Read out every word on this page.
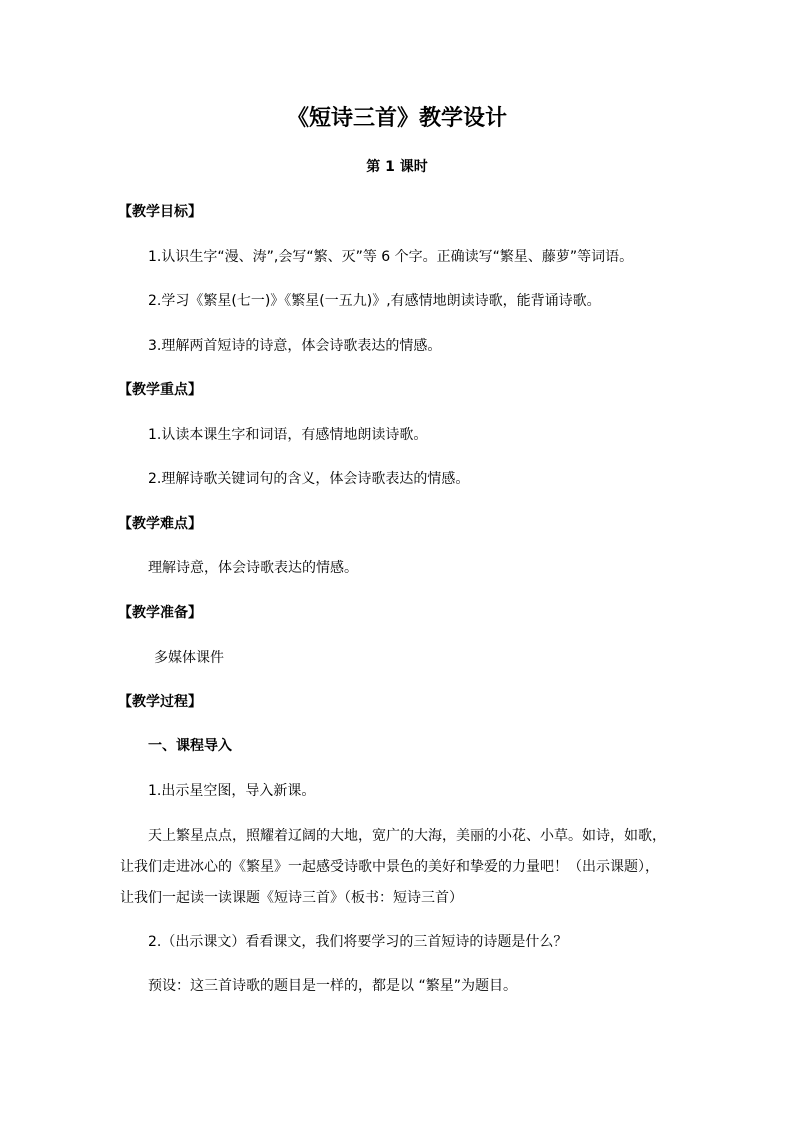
《短诗三首》教学设计
第 1 课时
【教学目标】
1.认识生字“漫、涛”,会写“繁、灭”等 6 个字。正确读写“繁星、藤萝”等词语。
2.学习《繁星(七一)》《繁星(一五九)》,有感情地朗读诗歌，能背诵诗歌。
3.理解两首短诗的诗意，体会诗歌表达的情感。
【教学重点】
1.认读本课生字和词语，有感情地朗读诗歌。
2.理解诗歌关键词句的含义，体会诗歌表达的情感。
【教学难点】
理解诗意，体会诗歌表达的情感。
【教学准备】
多媒体课件
【教学过程】
一、课程导入
1.出示星空图，导入新课。
天上繁星点点，照耀着辽阔的大地，宽广的大海，美丽的小花、小草。如诗，如歌，
让我们走进冰心的《繁星》一起感受诗歌中景色的美好和挚爱的力量吧！（出示课题），
让我们一起读一读课题《短诗三首》（板书：短诗三首）
2.（出示课文）看看课文，我们将要学习的三首短诗的诗题是什么？
预设：这三首诗歌的题目是一样的，都是以 “繁星”为题目。
